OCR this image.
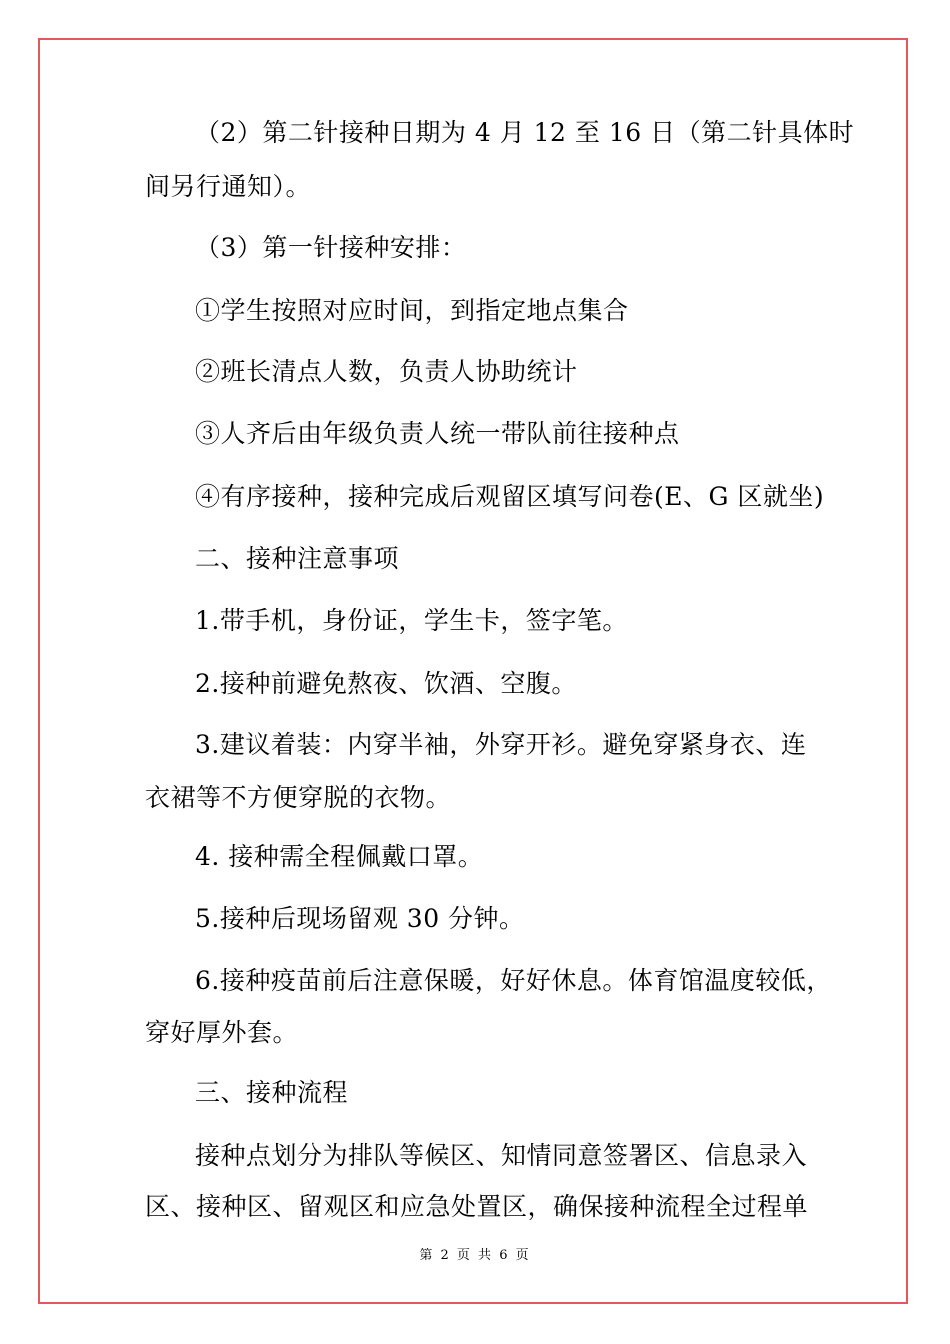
（2）第二针接种日期为 4 月 12 至 16 日（第二针具体时
间另行通知）。
（3）第一针接种安排：
①学生按照对应时间，到指定地点集合
②班长清点人数，负责人协助统计
③人齐后由年级负责人统一带队前往接种点
④有序接种，接种完成后观留区填写问卷(E、G 区就坐)
二、接种注意事项
1.带手机，身份证，学生卡，签字笔。
2.接种前避免熬夜、饮酒、空腹。
3.建议着装：内穿半袖，外穿开衫。避免穿紧身衣、连
衣裙等不方便穿脱的衣物。
4. 接种需全程佩戴口罩。
5.接种后现场留观 30 分钟。
6.接种疫苗前后注意保暖，好好休息。体育馆温度较低，
穿好厚外套。
三、接种流程
接种点划分为排队等候区、知情同意签署区、信息录入
区、接种区、留观区和应急处置区，确保接种流程全过程单
第 2 页 共 6 页
